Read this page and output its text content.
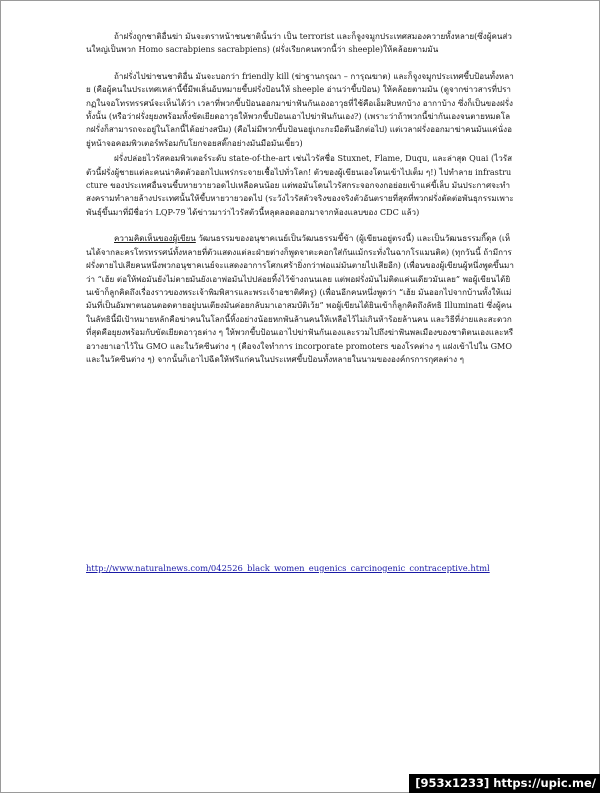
ถ้าฝรั่งถูกชาติอื่นฆ่า มันจะตราหน้าชนชาตินั้นว่า เป็น terrorist และก็จูงจมูกประเทศสมองควายทั้งหลาย(ซึ่งผู้คนส่วนใหญ่เป็นพวก Homo sacrabpiens sacrabpiens) (ฝรั่งเรียกคนพวกนี้ว่า sheeple)ให้คล้อยตามมัน

ถ้าฝรั่งไปฆ่าชนชาติอื่น มันจะบอกว่า friendly kill (ฆ่าฐานกรุณา – การุณฆาต) และก็จูงจมูกประเทศขี้บป้อนทั้งหลาย (คือผู้คนในประเทศเหล่านี้ขี้มีพเลิ่นอ้บหมายขี้บฝรั่งป้อนให้ sheeple อ่านว่าขี้บป้อน) ให้คล้อยตามมัน (ดูจากข่าวสารที่ปรากฏในจอโทรทรรศน์จะเห็นได้ว่า เวลาที่พวกขี้บป้อนออกมาฆ่าฟันกันเองอาวุธที่ใช้คือเอ็มสิบหกบ้าง อากาบ้าง ซึ่งก็เป็นของฝรั่งทั้งนั้น (หรือว่าฝรั่งยุยงพร้อมทั้งขัดเยียดอาวุธให้พวกขี้บป้อนเอาไปฆ่าฟันกันเอง?) (เพราะว่าถ้าพวกนี้ฆ่ากันเองจนตายหมดโลกฝรั่งก็สามารถจะอยู่ในโลกนี้ได้อย่างสบีม) (คือไม่มีพวกขี้บป้อนอยู่เกะกะมือตีนอีกต่อไป) แต่เวลาฝรั่งออกมาฆ่าคนมันแค่นั่งอยู่หน้าจอคอมพิวเตอร์พร้อมกับโยกจอยสติ๊กอย่างมันมือมันเขี้ยว)

ฝรั่งปล่อยไวรัสคอมพิวเตอร์ระดับ state-of-the-art เช่นไวรัสชื่อ Stuxnet, Flame, Duqu, และล่าสุด Quai (ไวรัสตัวนี้ฝรั่งผู้ชายแต่ละคนน่าคิดตัวออกไปแพร่กระจายเชื้อไปทั่วโลก! ตัวของผู้เขียนเองโดนเข้าไปเต็ม ๆ!) ไปทำลาย infrastructure ของประเทศอื่นจนขี้บหายวายวอดไปเหลือคนน้อย แต่พอมันโดนไวรัสกระจอกจงกอย่อยเข้าแค่ขี้เล็บ มันประกาศจะทำสงครามทำลายล้างประเทศนั้นให้ขี้บหายวายวอดไป (ระวังไวรัสตัวจริงของจริงตัวอันตรายที่สุดที่พวกฝรั่งตัดต่อพันธุกรรมเพาะพันธุ์ขึ้นมาที่มีชื่อว่า LQP-79 ได้ข่าวมาว่าไวรัสตัวนี้หลุดลอดออกมาจากห้องแลบของ CDC แล้ว)

ความคิดเห็นของผู้เขียน วัฒนธรรมของอนุชาคเนย์เป็นวัฒนธรรมขี้ข้า (ผู้เขียนอยู่ตรงนี้) และเป็นวัฒนธรรมกิ๊ดุล (เห็นได้จากละครโทรทรรศน์ทั้งหลายที่ตัวแสดงแต่ละฝ่ายต่างก็พูดจาตะคอกใส่กันแม้กระทั่งในฉากโรแมนติค) (ทุกวันนี้ ถ้ามีการฝรั่งตายไปเสียคนหนึ่งพวกอนุชาคเนย์จะแสดงอาการโศกเศร้ายิ่งกว่าพ่อแม่มันตายไปเสียอีก) (เพื่อนของผู้เขียนผู้หนึ่งพูดขึ้นมาว่า “เฮ้ย ต่อให้พ่อมันยังไม่ตายมันยังเอาพ่อมันไปปล่อยทิ้งไว้ข้างถนนเลย แต่พอฝรั่งมันไม่ติดแค่นเดียวมันเลย” พอผู้เขียนได้ยินเข้าก็ลูกคิดถึงเรื่องราวของพระเจ้าพิมพิสารและพระเจ้าอชาติศัตรู) (เพื่อนอีกคนหนึ่งพูดว่า “เฮ้ย มันออกไปจากบ้านทั้งให้แม่มันที่เป็นอัมพาตนอนตอดตายอยู่บนเตียงมันค่อยกลับมาเอาสมบัติเว้ย” พอผู้เขียนได้ยินเข้าก็ลูกคิดถึงลัทธิ Illuminati ซึ่งผู้คนในลัทธินี้มีเป้าหมายหลักคือฆ่าคนในโลกนี้ทิ้งอย่างน้อยหกพันล้านคนให้เหลือไว้ไม่เกินห้าร้อยล้านคน และวิธีที่ง่ายและสะดวกที่สุดคือยุยงพร้อมกับขัดเยียดอาวุธต่าง ๆ ให้พวกขี้บป้อนเอาไปฆ่าฟันกันเองและรวมไปถึงฆ่าฟันพลเมืองของชาติตนเองและหรือวางยาเอาไว้ใน GMO และในวัคซีนต่าง ๆ (คือจงใจทำการ incorporate promoters ของโรคต่าง ๆ แฝงเข้าไปใน GMO และในวัคซีนต่าง ๆ) จากนั้นก็เอาไปฉีดให้ฟรีแก่คนในประเทศขี้บป้อนทั้งหลายในนามขององค์กรการกุศลต่าง ๆ

http://www.naturalnews.com/042526_black_women_eugenics_carcinogenic_contraceptive.html
[953x1233] https://upic.me/
